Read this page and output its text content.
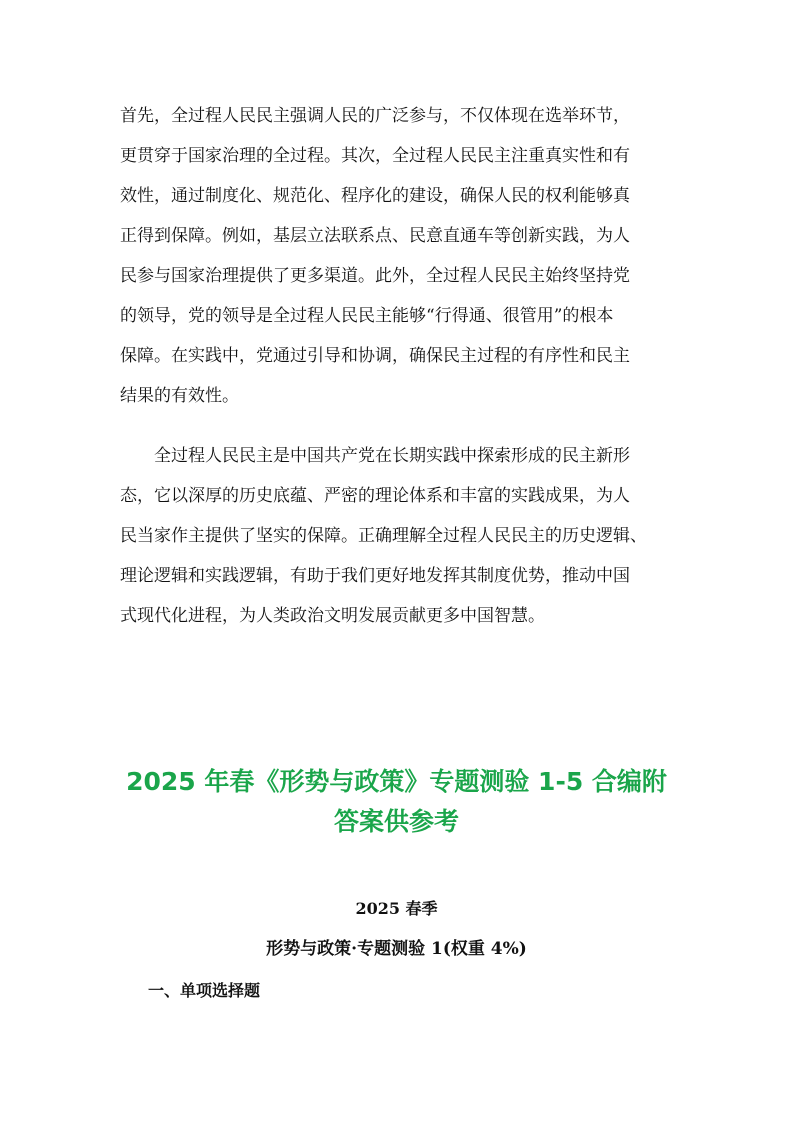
首先，全过程人民民主强调人民的广泛参与，不仅体现在选举环节，
更贯穿于国家治理的全过程。其次，全过程人民民主注重真实性和有
效性，通过制度化、规范化、程序化的建设，确保人民的权利能够真
正得到保障。例如，基层立法联系点、民意直通车等创新实践，为人
民参与国家治理提供了更多渠道。此外，全过程人民民主始终坚持党
的领导，党的领导是全过程人民民主能够“行得通、很管用”的根本
保障。在实践中，党通过引导和协调，确保民主过程的有序性和民主
结果的有效性。
　　全过程人民民主是中国共产党在长期实践中探索形成的民主新形
态，它以深厚的历史底蕴、严密的理论体系和丰富的实践成果，为人
民当家作主提供了坚实的保障。正确理解全过程人民民主的历史逻辑、
理论逻辑和实践逻辑，有助于我们更好地发挥其制度优势，推动中国
式现代化进程，为人类政治文明发展贡献更多中国智慧。
2025 年春《形势与政策》专题测验 1-5 合编附
答案供参考
2025 春季
形势与政策·专题测验 1(权重 4%)
一、单项选择题
